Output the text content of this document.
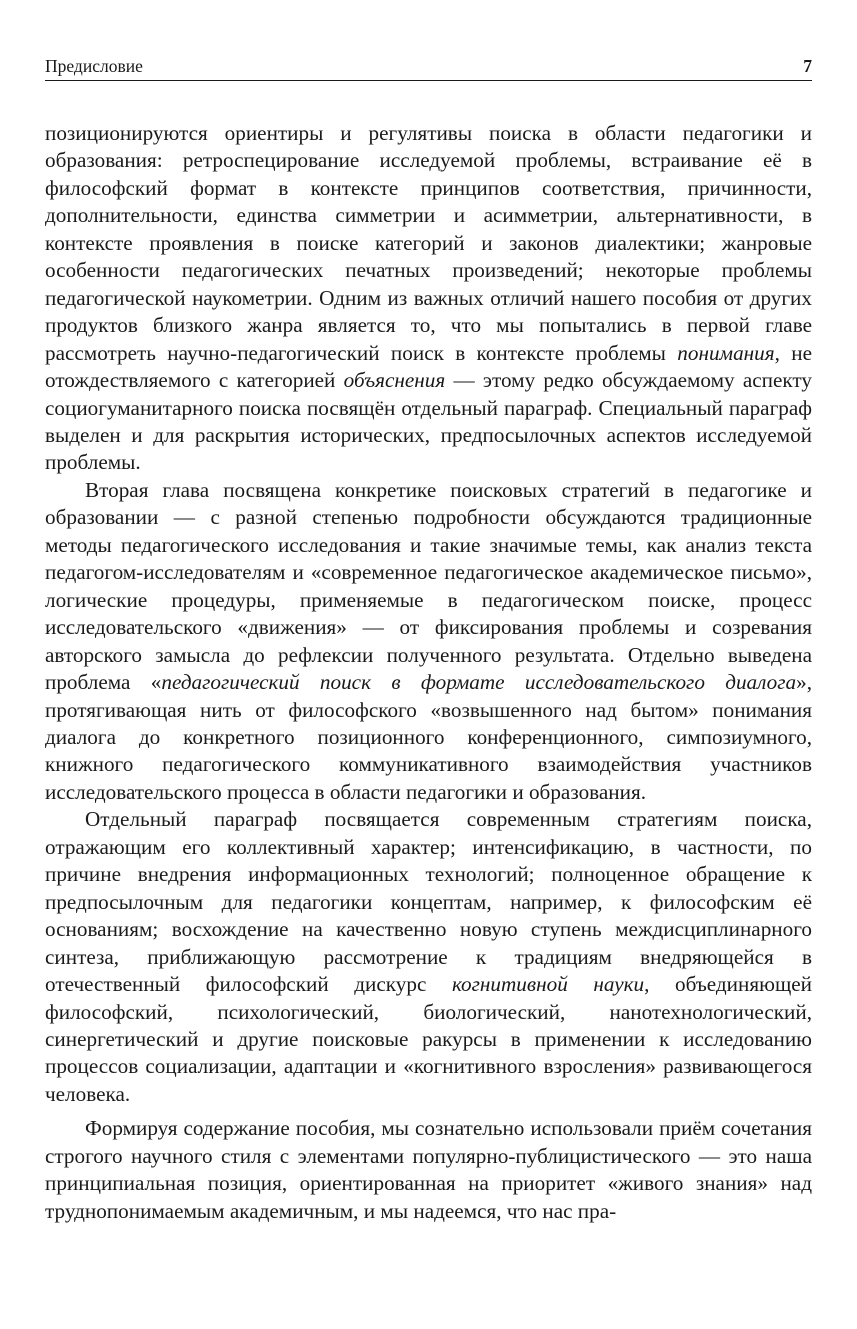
Предисловие	7

позиционируются ориентиры и регулятивы поиска в области педагогики и образования: ретроспецирование исследуемой проблемы, встраивание её в философский формат в контексте принципов соответствия, причинности, дополнительности, единства симметрии и асимметрии, альтернативности, в контексте проявления в поиске категорий и законов диалектики; жанровые особенности педагогических печатных произведений; некоторые проблемы педагогической наукометрии. Одним из важных отличий нашего пособия от других продуктов близкого жанра является то, что мы попытались в первой главе рассмотреть научно-педагогический поиск в контексте проблемы понимания, не отождествляемого с категорией объяснения — этому редко обсуждаемому аспекту социогуманитарного поиска посвящён отдельный параграф. Специальный параграф выделен и для раскрытия исторических, предпосылочных аспектов исследуемой проблемы.

Вторая глава посвящена конкретике поисковых стратегий в педагогике и образовании — с разной степенью подробности обсуждаются традиционные методы педагогического исследования и такие значимые темы, как анализ текста педагогом-исследователям и «современное педагогическое академическое письмо», логические процедуры, применяемые в педагогическом поиске, процесс исследовательского «движения» — от фиксирования проблемы и созревания авторского замысла до рефлексии полученного результата. Отдельно выведена проблема «педагогический поиск в формате исследовательского диалога», протягивающая нить от философского «возвышенного над бытом» понимания диалога до конкретного позиционного конференционного, симпозиумного, книжного педагогического коммуникативного взаимодействия участников исследовательского процесса в области педагогики и образования.

Отдельный параграф посвящается современным стратегиям поиска, отражающим его коллективный характер; интенсификацию, в частности, по причине внедрения информационных технологий; полноценное обращение к предпосылочным для педагогики концептам, например, к философским её основаниям; восхождение на качественно новую ступень междисциплинарного синтеза, приближающую рассмотрение к традициям внедряющейся в отечественный философский дискурс когнитивной науки, объединяющей философский, психологический, биологический, нанотехнологический, синергетический и другие поисковые ракурсы в применении к исследованию процессов социализации, адаптации и «когнитивного взросления» развивающегося человека.

Формируя содержание пособия, мы сознательно использовали приём сочетания строгого научного стиля с элементами популярно-публицистического — это наша принципиальная позиция, ориентированная на приоритет «живого знания» над труднопонимаемым академичным, и мы надеемся, что нас пра-
